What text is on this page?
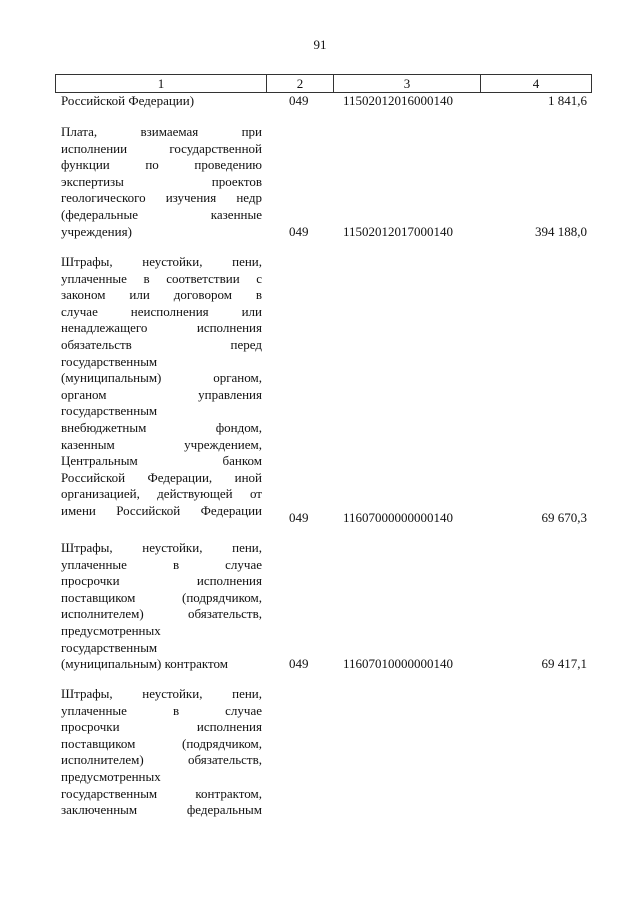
91
1	2	3	4
Российской Федерации)	049	11502012016000140	1 841,6
Плата, взимаемая при
исполнении государственной
функции по проведению
экспертизы проектов
геологического изучения недр
(федеральные казенные
учреждения)	049	11502012017000140	394 188,0
Штрафы, неустойки, пени,
уплаченные в соответствии с
законом или договором в
случае неисполнения или
ненадлежащего исполнения
обязательств перед
государственным
(муниципальным) органом,
органом управления
государственным
внебюджетным фондом,
казенным учреждением,
Центральным банком
Российской Федерации, иной
организацией, действующей от
имени Российской Федерации 049	11607000000000140	69 670,3
Штрафы, неустойки, пени,
уплаченные в случае
просрочки исполнения
поставщиком (подрядчиком,
исполнителем) обязательств,
предусмотренных
государственным
(муниципальным) контрактом	049	11607010000000140	69 417,1
Штрафы, неустойки, пени,
уплаченные в случае
просрочки исполнения
поставщиком (подрядчиком,
исполнителем) обязательств,
предусмотренных
государственным контрактом,
заключенным федеральным
